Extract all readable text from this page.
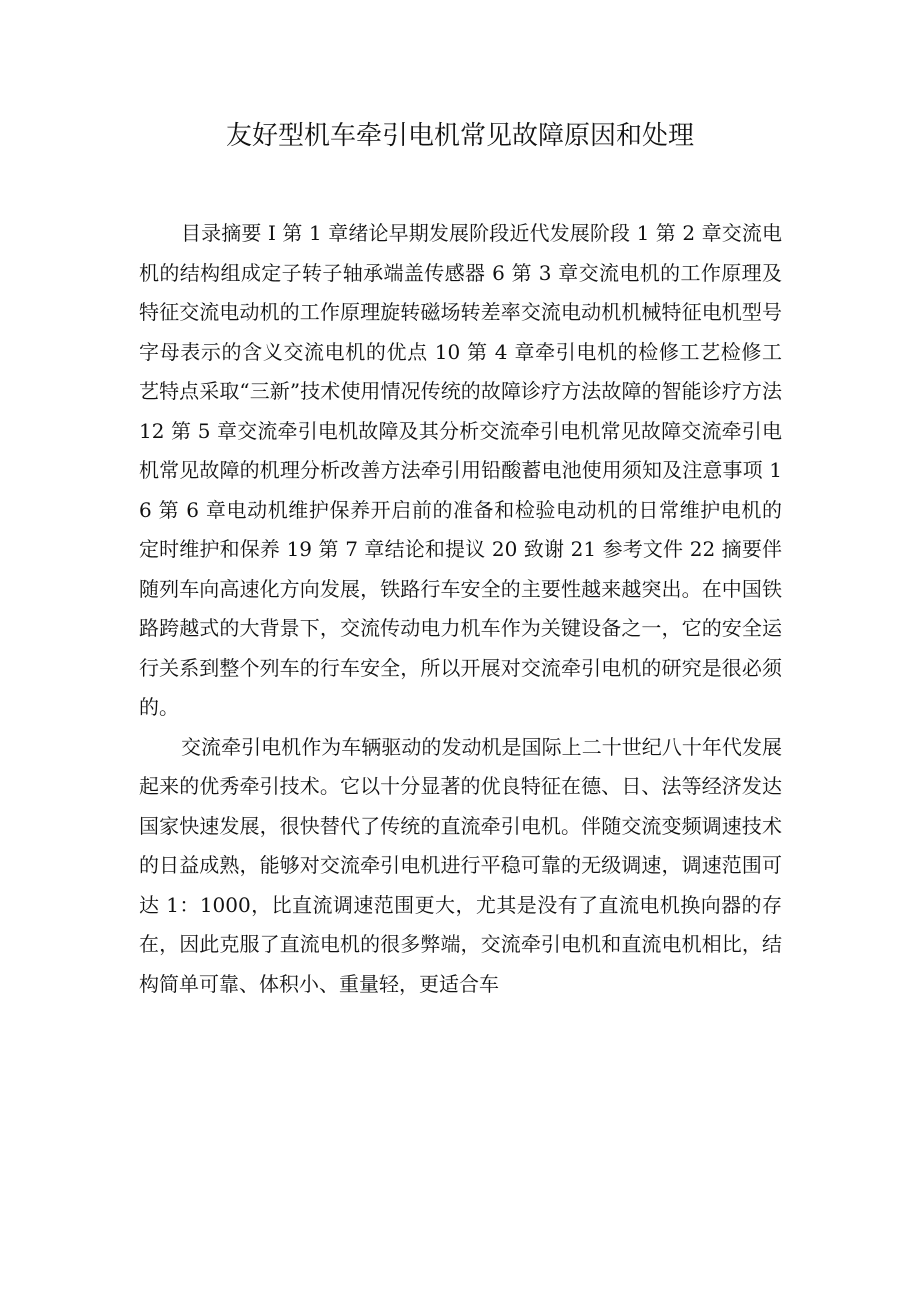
友好型机车牵引电机常见故障原因和处理

目录摘要 I 第 1 章绪论早期发展阶段近代发展阶段 1 第 2 章交流电机的结构组成定子转子轴承端盖传感器 6 第 3 章交流电机的工作原理及特征交流电动机的工作原理旋转磁场转差率交流电动机机械特征电机型号字母表示的含义交流电机的优点 10 第 4 章牵引电机的检修工艺检修工艺特点采取“三新”技术使用情况传统的故障诊疗方法故障的智能诊疗方法 12 第 5 章交流牵引电机故障及其分析交流牵引电机常见故障交流牵引电机常见故障的机理分析改善方法牵引用铅酸蓄电池使用须知及注意事项 16 第 6 章电动机维护保养开启前的准备和检验电动机的日常维护电机的定时维护和保养 19 第 7 章结论和提议 20 致谢 21 参考文件 22 摘要伴随列车向高速化方向发展，铁路行车安全的主要性越来越突出。在中国铁路跨越式的大背景下，交流传动电力机车作为关键设备之一，它的安全运行关系到整个列车的行车安全，所以开展对交流牵引电机的研究是很必须的。

交流牵引电机作为车辆驱动的发动机是国际上二十世纪八十年代发展起来的优秀牵引技术。它以十分显著的优良特征在德、日、法等经济发达国家快速发展，很快替代了传统的直流牵引电机。伴随交流变频调速技术的日益成熟，能够对交流牵引电机进行平稳可靠的无级调速，调速范围可达 1：1000，比直流调速范围更大，尤其是没有了直流电机换向器的存在，因此克服了直流电机的很多弊端，交流牵引电机和直流电机相比，结构简单可靠、体积小、重量轻，更适合车
